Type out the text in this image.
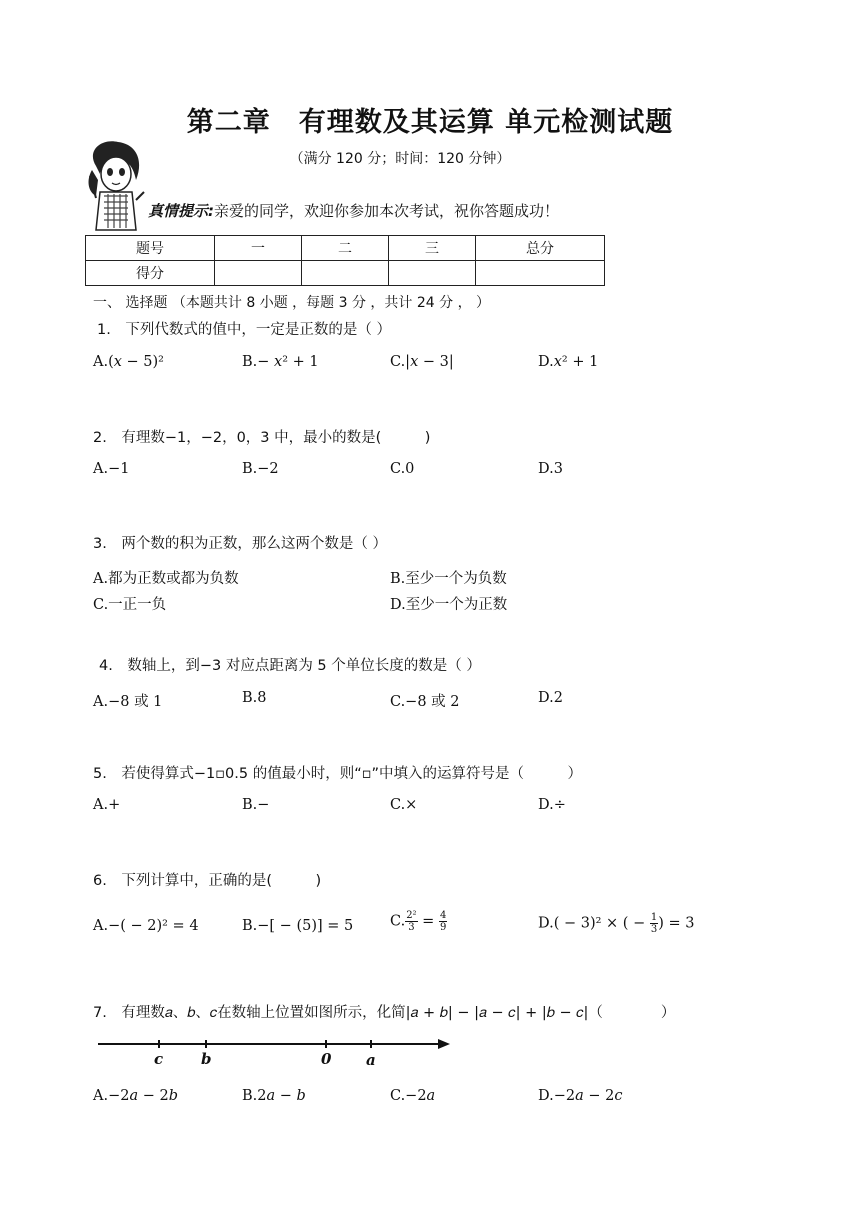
第二章　有理数及其运算 单元检测试题
（满分 120 分；时间：120 分钟）
真情提示:亲爱的同学，欢迎你参加本次考试，祝你答题成功！
题号	一	二	三	总分
得分				
一、 选择题 （本题共计 8 小题 ，每题 3 分 ，共计 24 分 ， ）
1.　下列代数式的值中，一定是正数的是（ ）
A.(𝑥 − 5)²	B.− 𝑥² + 1	C.|𝑥 − 3|	D.𝑥² + 1
2.　有理数−1，−2，0，3 中，最小的数是(　　　)
A.−1	B.−2	C.0	D.3
3.　两个数的积为正数，那么这两个数是（ ）
A.都为正数或都为负数	B.至少一个为负数
C.一正一负	D.至少一个为正数
4.　数轴上，到−3 对应点距离为 5 个单位长度的数是（ ）
A.−8 或 1	B.8	C.−8 或 2	D.2
5.　若使得算式−1▫0.5 的值最小时，则“▫”中填入的运算符号是（　　　）
A.+	B.−	C.×	D.÷
6.　下列计算中，正确的是(　　　)
A.−( − 2)² = 4	B.−[ − (5)] = 5	C. $\frac{\text{2²}}{3} = \frac{4}{9}$	D.( − 3)² × ( − $\frac{1}{3}$ ) = 3
7.　有理数𝑎、𝑏、𝑐在数轴上位置如图所示，化简|𝑎 + 𝑏| − |𝑎 − 𝑐| + |𝑏 − 𝑐|（　　　　）
c	b	0 a
A.−2𝑎 − 2𝑏	B.2𝑎 − 𝑏	C.−2𝑎	D.−2𝑎 − 2𝑐
